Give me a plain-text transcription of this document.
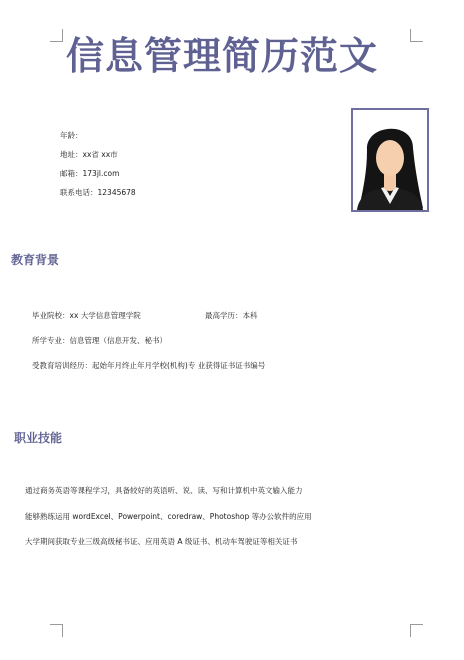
信息管理简历范文
年龄：
地址：xx省 xx市
邮箱：173jl.com
联系电话：12345678
教育背景
毕业院校：xx 大学信息管理学院	最高学历：本科
所学专业：信息管理（信息开发、秘书）
受教育培训经历：起始年月终止年月学校(机构)专 业获得证书证书编号
职业技能
通过商务英语等课程学习，具备较好的英语听、说、读、写和计算机中英文输入能力
能够熟练运用 wordExcel、Powerpoint、coredraw、Photoshop 等办公软件的应用
大学期间获取专业三级高级秘书证、应用英语 A 级证书、机动车驾驶证等相关证书
